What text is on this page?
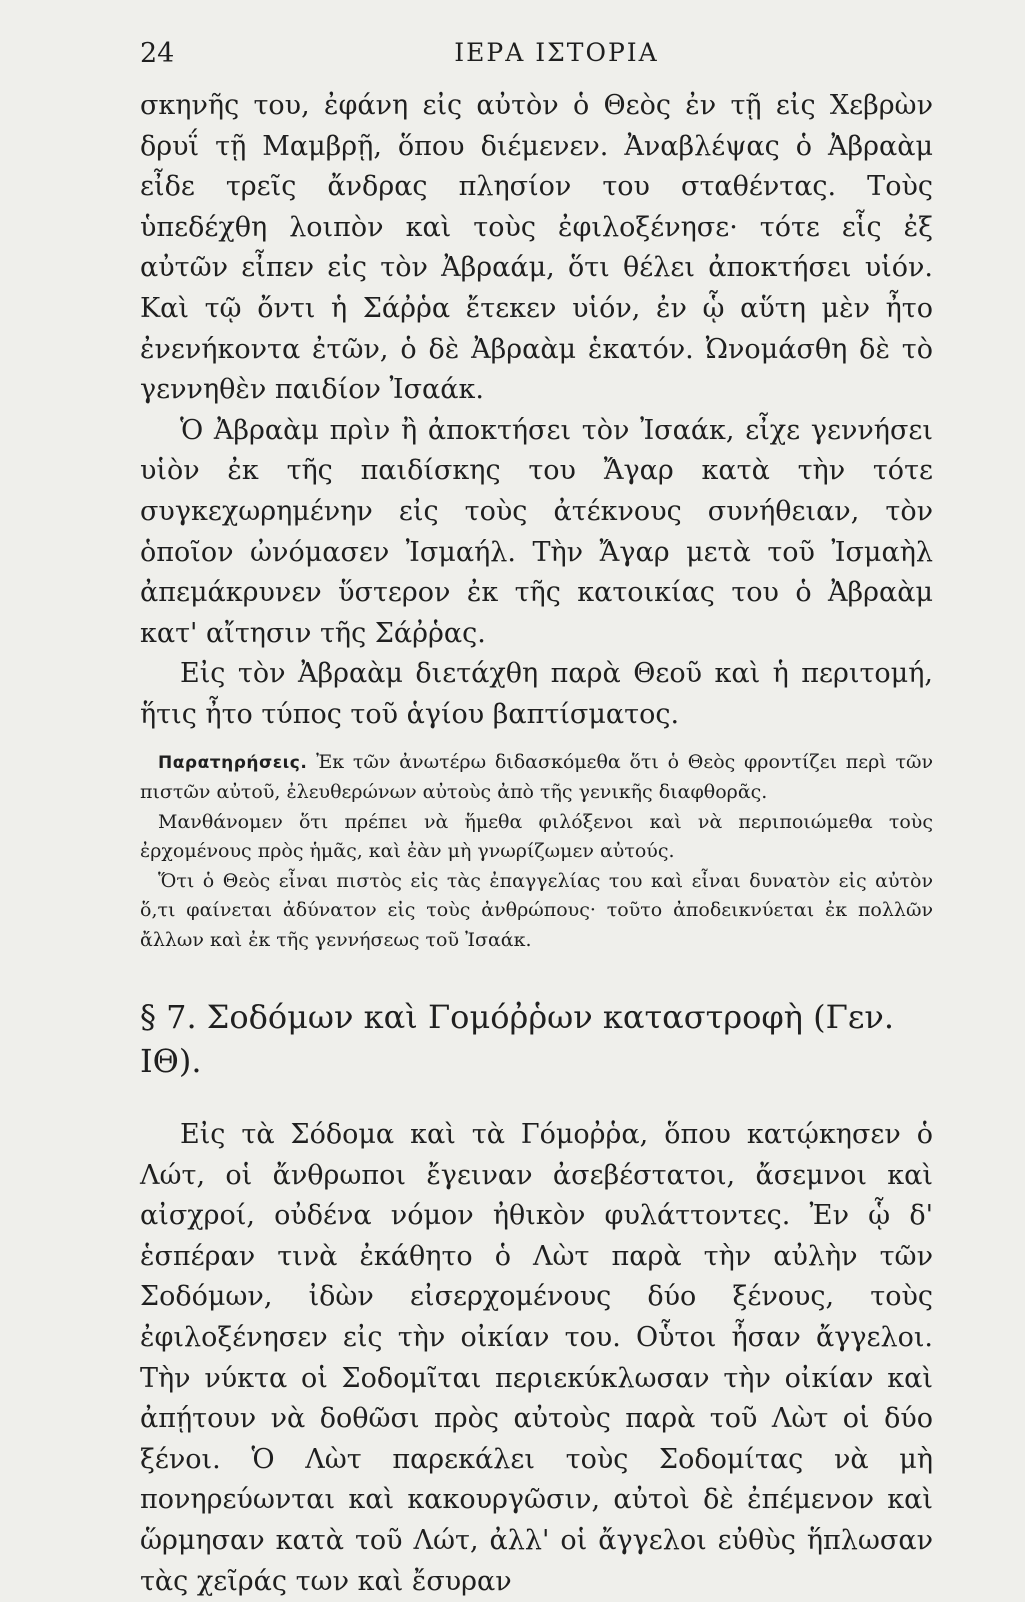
24	ΙΕΡΑ ΙΣΤΟΡΙΑ

σκηνῆς του, ἐφάνη εἰς αὐτὸν ὁ Θεὸς ἐν τῇ εἰς Χεβρὼν δρυΐ τῇ Μαμβρῇ, ὅπου διέμενεν. Ἀναβλέψας ὁ Ἀβραὰμ εἶδε τρεῖς ἄνδρας πλησίον του σταθέντας. Τοὺς ὑπεδέχθη λοιπὸν καὶ τοὺς ἐφιλοξένησε· τότε εἷς ἐξ αὐτῶν εἶπεν εἰς τὸν Ἀβραάμ, ὅτι θέλει ἀποκτήσει υἱόν. Καὶ τῷ ὄντι ἡ Σάῤῥα ἔτεκεν υἱόν, ἐν ᾧ αὕτη μὲν ἦτο ἐνενήκοντα ἐτῶν, ὁ δὲ Ἀβραὰμ ἑκατόν. Ὠνομάσθη δὲ τὸ γεννηθὲν παιδίον Ἰσαάκ.

Ὁ Ἀβραὰμ πρὶν ἢ ἀποκτήσει τὸν Ἰσαάκ, εἶχε γεννήσει υἱὸν ἐκ τῆς παιδίσκης του Ἄγαρ κατὰ τὴν τότε συγκεχωρημένην εἰς τοὺς ἀτέκνους συνήθειαν, τὸν ὁποῖον ὠνόμασεν Ἰσμαήλ. Τὴν Ἄγαρ μετὰ τοῦ Ἰσμαὴλ ἀπεμάκρυνεν ὕστερον ἐκ τῆς κατοικίας του ὁ Ἀβραὰμ κατ' αἴτησιν τῆς Σάῤῥας.

Εἰς τὸν Ἀβραὰμ διετάχθη παρὰ Θεοῦ καὶ ἡ περιτομή, ἥτις ἦτο τύπος τοῦ ἁγίου βαπτίσματος.

Παρατηρήσεις. Ἐκ τῶν ἀνωτέρω διδασκόμεθα ὅτι ὁ Θεὸς φροντίζει περὶ τῶν πιστῶν αὐτοῦ, ἐλευθερώνων αὐτοὺς ἀπὸ τῆς γενικῆς διαφθορᾶς.

Μανθάνομεν ὅτι πρέπει νὰ ἥμεθα φιλόξενοι καὶ νὰ περιποιώμεθα τοὺς ἐρχομένους πρὸς ἡμᾶς, καὶ ἐὰν μὴ γνωρίζωμεν αὐτούς.

Ὅτι ὁ Θεὸς εἶναι πιστὸς εἰς τὰς ἐπαγγελίας του καὶ εἶναι δυνατὸν εἰς αὐτὸν ὅ,τι φαίνεται ἀδύνατον εἰς τοὺς ἀνθρώπους· τοῦτο ἀποδεικνύεται ἐκ πολλῶν ἄλλων καὶ ἐκ τῆς γεννήσεως τοῦ Ἰσαάκ.

§ 7. Σοδόμων καὶ Γομόῤῥων καταστροφὴ (Γεν. ΙΘ).

Εἰς τὰ Σόδομα καὶ τὰ Γόμοῤῥα, ὅπου κατῴκησεν ὁ Λώτ, οἱ ἄνθρωποι ἔγειναν ἀσεβέστατοι, ἄσεμνοι καὶ αἰσχροί, οὐδένα νόμον ἠθικὸν φυλάττοντες. Ἐν ᾧ δ' ἑσπέραν τινὰ ἐκάθητο ὁ Λὼτ παρὰ τὴν αὐλὴν τῶν Σοδόμων, ἰδὼν εἰσερχομένους δύο ξένους, τοὺς ἐφιλοξένησεν εἰς τὴν οἰκίαν του. Οὗτοι ἦσαν ἄγγελοι. Τὴν νύκτα οἱ Σοδομῖται περιεκύκλωσαν τὴν οἰκίαν καὶ ἀπῄτουν νὰ δοθῶσι πρὸς αὐτοὺς παρὰ τοῦ Λὼτ οἱ δύο ξένοι. Ὁ Λὼτ παρεκάλει τοὺς Σοδομίτας νὰ μὴ πονηρεύωνται καὶ κακουργῶσιν, αὐτοὶ δὲ ἐπέμενον καὶ ὥρμησαν κατὰ τοῦ Λώτ, ἀλλ' οἱ ἄγγελοι εὐθὺς ἥπλωσαν τὰς χεῖράς των καὶ ἔσυραν
